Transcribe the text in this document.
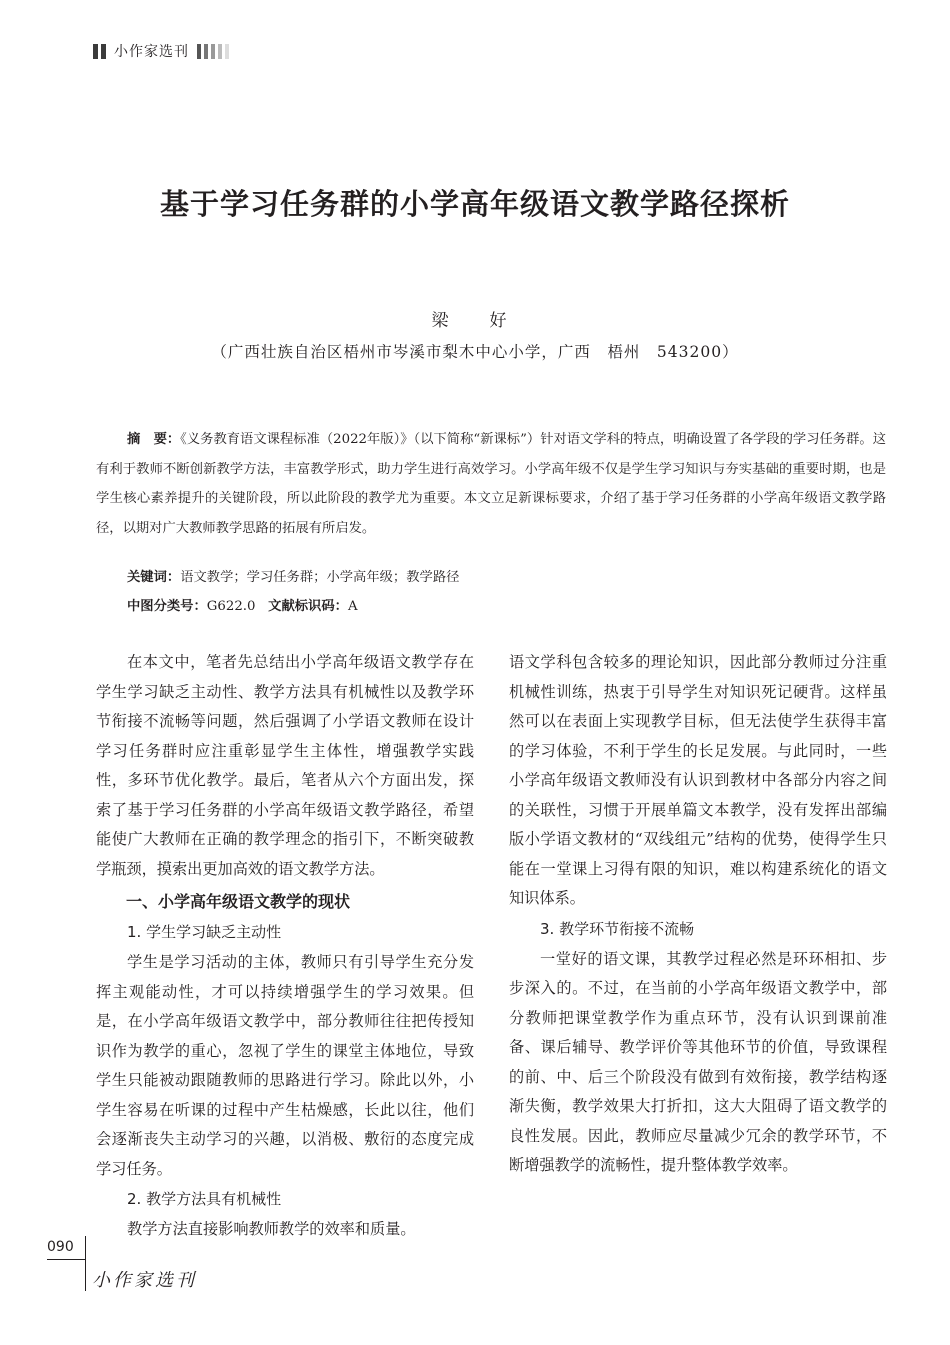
小作家选刊
基于学习任务群的小学高年级语文教学路径探析
梁　好
（广西壮族自治区梧州市岑溪市梨木中心小学，广西　梧州　543200）

摘　要：《义务教育语文课程标准（2022年版）》（以下简称“新课标”）针对语文学科的特点，明确设置了各学段的学习任务群。这有利于教师不断创新教学方法，丰富教学形式，助力学生进行高效学习。小学高年级不仅是学生学习知识与夯实基础的重要时期，也是学生核心素养提升的关键阶段，所以此阶段的教学尤为重要。本文立足新课标要求，介绍了基于学习任务群的小学高年级语文教学路径，以期对广大教师教学思路的拓展有所启发。

关键词：语文教学；学习任务群；小学高年级；教学路径
中图分类号：G622.0 文献标识码：A

在本文中，笔者先总结出小学高年级语文教学存在学生学习缺乏主动性、教学方法具有机械性以及教学环节衔接不流畅等问题，然后强调了小学语文教师在设计学习任务群时应注重彰显学生主体性，增强教学实践性，多环节优化教学。最后，笔者从六个方面出发，探索了基于学习任务群的小学高年级语文教学路径，希望能使广大教师在正确的教学理念的指引下，不断突破教学瓶颈，摸索出更加高效的语文教学方法。

一、小学高年级语文教学的现状
1. 学生学习缺乏主动性

学生是学习活动的主体，教师只有引导学生充分发挥主观能动性，才可以持续增强学生的学习效果。但是，在小学高年级语文教学中，部分教师往往把传授知识作为教学的重心，忽视了学生的课堂主体地位，导致学生只能被动跟随教师的思路进行学习。除此以外，小学生容易在听课的过程中产生枯燥感，长此以往，他们会逐渐丧失主动学习的兴趣，以消极、敷衍的态度完成学习任务。

2. 教学方法具有机械性

教学方法直接影响教师教学的效率和质量。

语文学科包含较多的理论知识，因此部分教师过分注重机械性训练，热衷于引导学生对知识死记硬背。这样虽然可以在表面上实现教学目标，但无法使学生获得丰富的学习体验，不利于学生的长足发展。与此同时，一些小学高年级语文教师没有认识到教材中各部分内容之间的关联性，习惯于开展单篇文本教学，没有发挥出部编版小学语文教材的“双线组元”结构的优势，使得学生只能在一堂课上习得有限的知识，难以构建系统化的语文知识体系。

3. 教学环节衔接不流畅

一堂好的语文课，其教学过程必然是环环相扣、步步深入的。不过，在当前的小学高年级语文教学中，部分教师把课堂教学作为重点环节，没有认识到课前准备、课后辅导、教学评价等其他环节的价值，导致课程的前、中、后三个阶段没有做到有效衔接，教学结构逐渐失衡，教学效果大打折扣，这大大阻碍了语文教学的良性发展。因此，教师应尽量减少冗余的教学环节，不断增强教学的流畅性，提升整体教学效率。

090
小作家选刊
